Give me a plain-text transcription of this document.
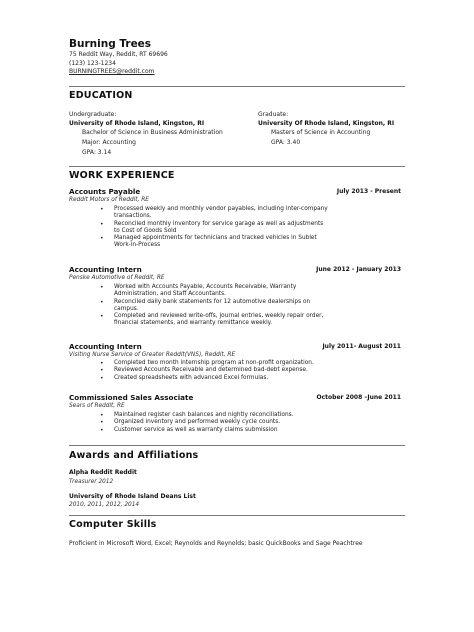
Burning Trees
75 Reddit Way, Reddit, RT 69696
(123) 123-1234
BURNINGTREES@reddit.com
EDUCATION
Undergraduate:
University of Rhode Island, Kingston, RI
Bachelor of Science in Business Administration
Major: Accounting
GPA: 3.14
Graduate:
University Of Rhode Island, Kingston, RI
Masters of Science in Accounting
GPA: 3.40
WORK EXPERIENCE
Accounts Payable	July 2013 - Present
Reddit Motors of Reddit, RE
• Processed weekly and monthly vendor payables, including inter-company transactions.
• Reconciled monthly inventory for service garage as well as adjustments to Cost of Goods Sold
• Managed appointments for technicians and tracked vehicles in Sublet Work-in-Process
Accounting Intern	June 2012 - January 2013
Penske Automotive of Reddit, RE
• Worked with Accounts Payable, Accounts Receivable, Warranty Administration, and Staff Accountants.
• Reconciled daily bank statements for 12 automotive dealerships on campus.
• Completed and reviewed write-offs, journal entries, weekly repair order, financial statements, and warranty remittance weekly.
Accounting Intern	July 2011- August 2011
Visiting Nurse Service of Greater Reddit(VNS), Reddit, RE
• Completed two month internship program at non-profit organization.
• Reviewed Accounts Receivable and determined bad-debt expense.
• Created spreadsheets with advanced Excel formulas.
Commissioned Sales Associate	October 2008 –June 2011
Sears of Reddit, RE
• Maintained register cash balances and nightly reconciliations.
• Organized inventory and performed weekly cycle counts.
• Customer service as well as warranty claims submission
Awards and Affiliations
Alpha Reddit Reddit
Treasurer 2012
University of Rhode Island Deans List
2010, 2011, 2012, 2014
Computer Skills
Proficient in Microsoft Word, Excel; Reynolds and Reynolds; basic QuickBooks and Sage Peachtree
